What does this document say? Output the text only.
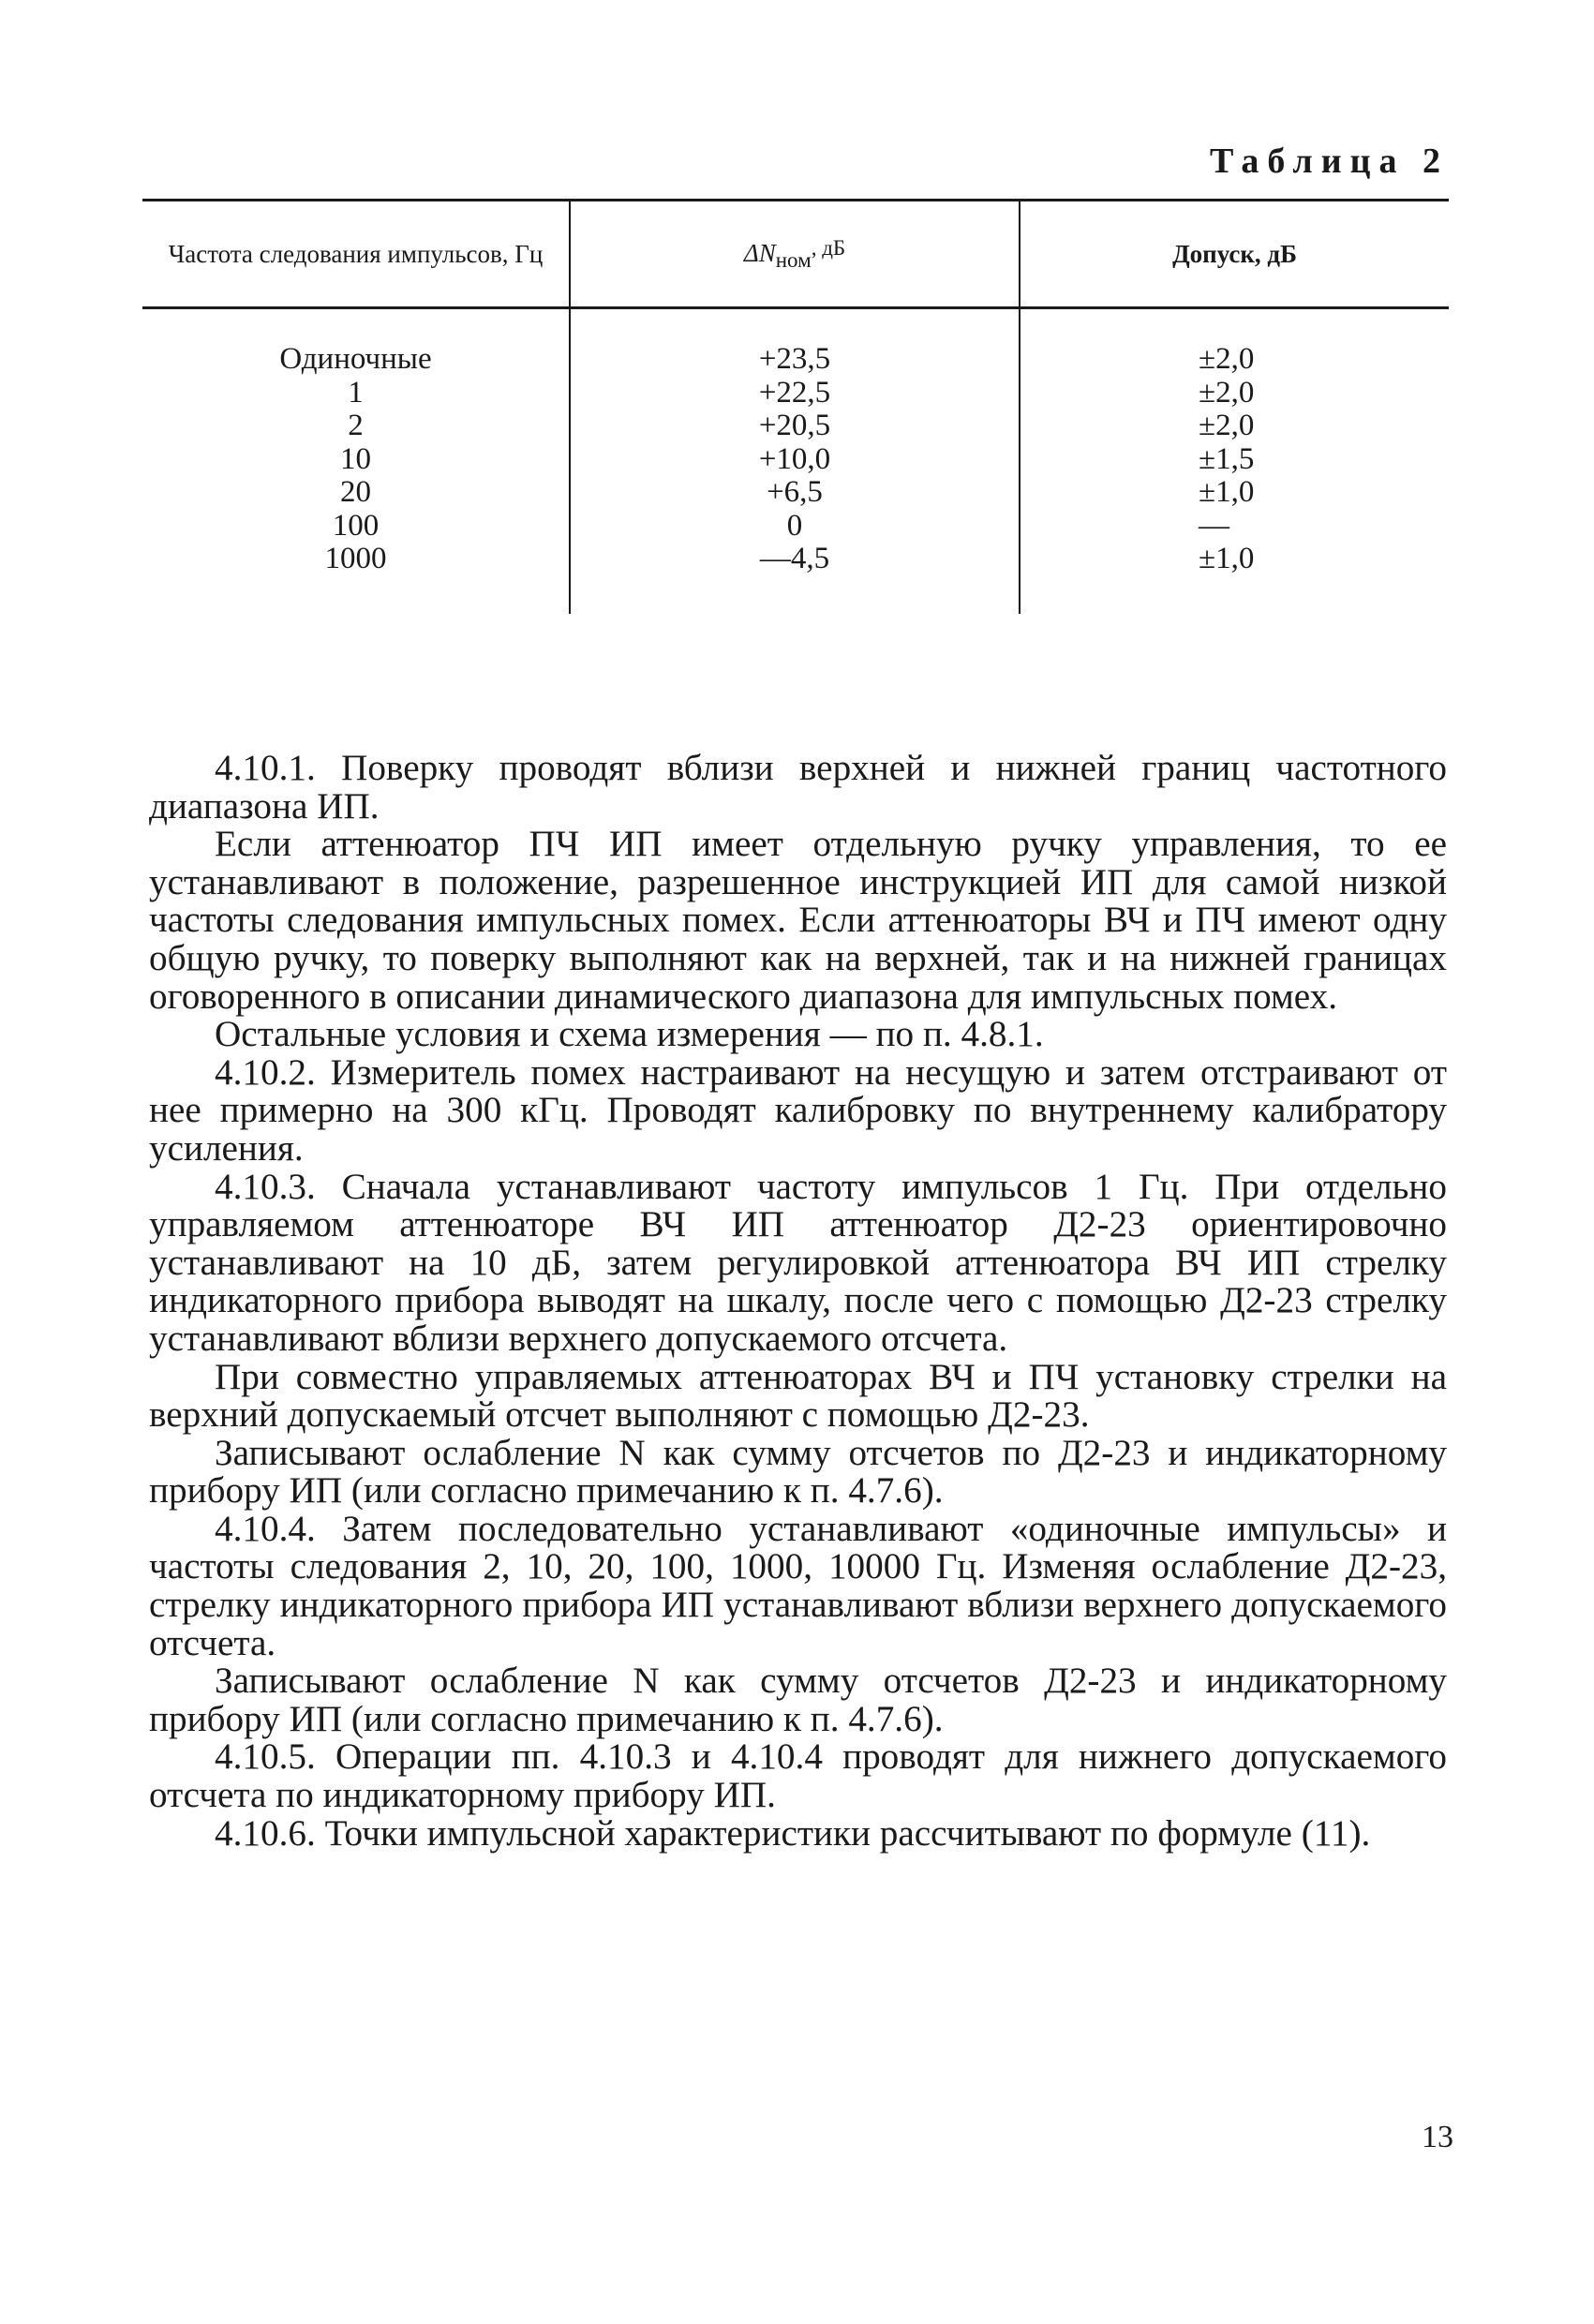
Таблица 2
Частота следования импульсов, Гц	ΔNном, дБ	Допуск, дБ
Одиночные	+23,5	±2,0
1	+22,5	±2,0
2	+20,5	±2,0
10	+10,0	±1,5
20	+6,5	±1,0
100	0	—
1000	—4,5	±1,0

4.10.1. Поверку проводят вблизи верхней и нижней границ частотного диапазона ИП.

Если аттенюатор ПЧ ИП имеет отдельную ручку управления, то ее устанавливают в положение, разрешенное инструкцией ИП для самой низкой частоты следования импульсных помех. Если аттенюаторы ВЧ и ПЧ имеют одну общую ручку, то поверку выполняют как на верхней, так и на нижней границах оговоренного в описании динамического диапазона для импульсных помех.

Остальные условия и схема измерения — по п. 4.8.1.

4.10.2. Измеритель помех настраивают на несущую и затем отстраивают от нее примерно на 300 кГц. Проводят калибровку по внутреннему калибратору усиления.

4.10.3. Сначала устанавливают частоту импульсов 1 Гц. При отдельно управляемом аттенюаторе ВЧ ИП аттенюатор Д2-23 ориентировочно устанавливают на 10 дБ, затем регулировкой аттенюатора ВЧ ИП стрелку индикаторного прибора выводят на шкалу, после чего с помощью Д2-23 стрелку устанавливают вблизи верхнего допускаемого отсчета.

При совместно управляемых аттенюаторах ВЧ и ПЧ установку стрелки на верхний допускаемый отсчет выполняют с помощью Д2-23.

Записывают ослабление N как сумму отсчетов по Д2-23 и индикаторному прибору ИП (или согласно примечанию к п. 4.7.6).

4.10.4. Затем последовательно устанавливают «одиночные импульсы» и частоты следования 2, 10, 20, 100, 1000, 10000 Гц. Изменяя ослабление Д2-23, стрелку индикаторного прибора ИП устанавливают вблизи верхнего допускаемого отсчета.

Записывают ослабление N как сумму отсчетов Д2-23 и индикаторному прибору ИП (или согласно примечанию к п. 4.7.6).

4.10.5. Операции пп. 4.10.3 и 4.10.4 проводят для нижнего допускаемого отсчета по индикаторному прибору ИП.

4.10.6. Точки импульсной характеристики рассчитывают по формуле (11).

13
